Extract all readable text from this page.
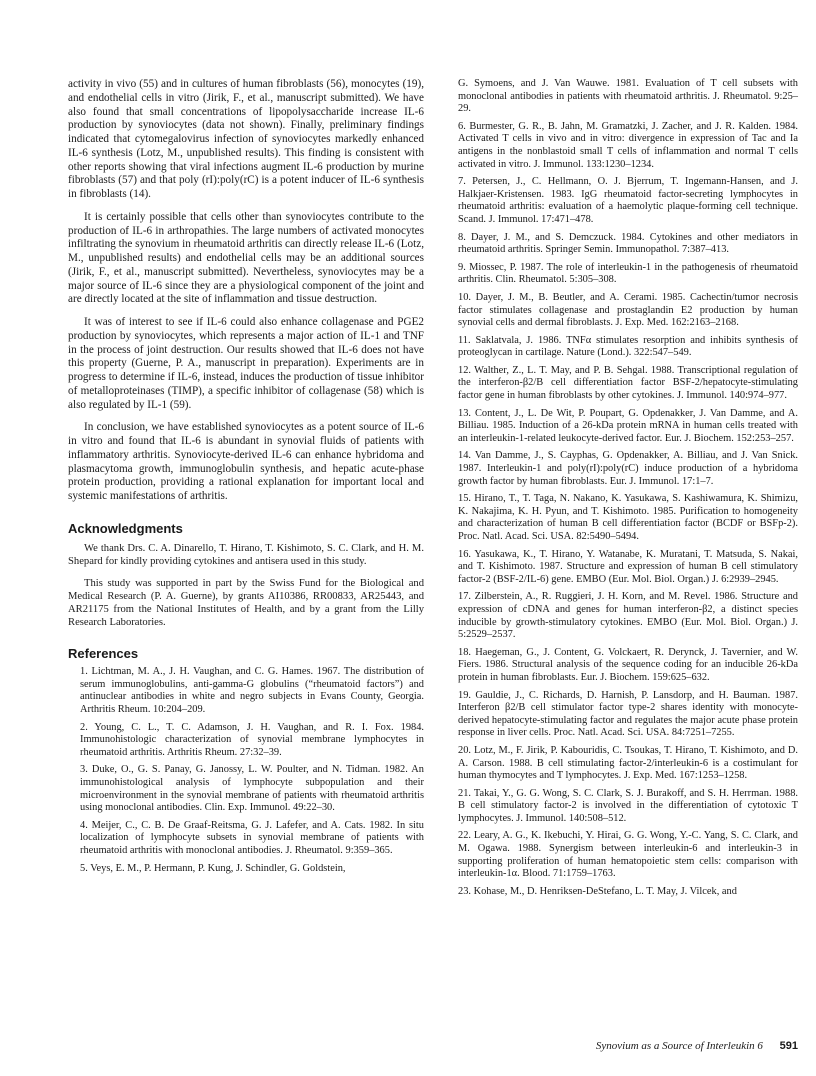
activity in vivo (55) and in cultures of human fibroblasts (56), monocytes (19), and endothelial cells in vitro (Jirik, F., et al., manuscript submitted). We have also found that small concentrations of lipopolysaccharide increase IL-6 production by synoviocytes (data not shown). Finally, preliminary findings indicated that cytomegalovirus infection of synoviocytes markedly enhanced IL-6 synthesis (Lotz, M., unpublished results). This finding is consistent with other reports showing that viral infections augment IL-6 production by murine fibroblasts (57) and that poly (rI):poly(rC) is a potent inducer of IL-6 synthesis in fibroblasts (14).

It is certainly possible that cells other than synoviocytes contribute to the production of IL-6 in arthropathies. The large numbers of activated monocytes infiltrating the synovium in rheumatoid arthritis can directly release IL-6 (Lotz, M., unpublished results) and endothelial cells may be an additional sources (Jirik, F., et al., manuscript submitted). Nevertheless, synoviocytes may be a major source of IL-6 since they are a physiological component of the joint and are directly located at the site of inflammation and tissue destruction.

It was of interest to see if IL-6 could also enhance collagenase and PGE2 production by synoviocytes, which represents a major action of IL-1 and TNF in the process of joint destruction. Our results showed that IL-6 does not have this property (Guerne, P. A., manuscript in preparation). Experiments are in progress to determine if IL-6, instead, induces the production of tissue inhibitor of metalloproteinases (TIMP), a specific inhibitor of collagenase (58) which is also regulated by IL-1 (59).

In conclusion, we have established synoviocytes as a potent source of IL-6 in vitro and found that IL-6 is abundant in synovial fluids of patients with inflammatory arthritis. Synoviocyte-derived IL-6 can enhance hybridoma and plasmacytoma growth, immunoglobulin synthesis, and hepatic acute-phase protein production, providing a rational explanation for important local and systemic manifestations of arthritis.

Acknowledgments

We thank Drs. C. A. Dinarello, T. Hirano, T. Kishimoto, S. C. Clark, and H. M. Shepard for kindly providing cytokines and antisera used in this study.

This study was supported in part by the Swiss Fund for the Biological and Medical Research (P. A. Guerne), by grants AI10386, RR00833, AR25443, and AR21175 from the National Institutes of Health, and by a grant from the Lilly Research Laboratories.

References

1. Lichtman, M. A., J. H. Vaughan, and C. G. Hames. 1967. The distribution of serum immunoglobulins, anti-gamma-G globulins (“rheumatoid factors”) and antinuclear antibodies in white and negro subjects in Evans County, Georgia. Arthritis Rheum. 10:204–209.

2. Young, C. L., T. C. Adamson, J. H. Vaughan, and R. I. Fox. 1984. Immunohistologic characterization of synovial membrane lymphocytes in rheumatoid arthritis. Arthritis Rheum. 27:32–39.

3. Duke, O., G. S. Panay, G. Janossy, L. W. Poulter, and N. Tidman. 1982. An immunohistological analysis of lymphocyte subpopulation and their microenvironment in the synovial membrane of patients with rheumatoid arthritis using monoclonal antibodies. Clin. Exp. Immunol. 49:22–30.

4. Meijer, C., C. B. De Graaf-Reitsma, G. J. Lafefer, and A. Cats. 1982. In situ localization of lymphocyte subsets in synovial membrane of patients with rheumatoid arthritis with monoclonal antibodies. J. Rheumatol. 9:359–365.

5. Veys, E. M., P. Hermann, P. Kung, J. Schindler, G. Goldstein,

G. Symoens, and J. Van Wauwe. 1981. Evaluation of T cell subsets with monoclonal antibodies in patients with rheumatoid arthritis. J. Rheumatol. 9:25–29.

6. Burmester, G. R., B. Jahn, M. Gramatzki, J. Zacher, and J. R. Kalden. 1984. Activated T cells in vivo and in vitro: divergence in expression of Tac and Ia antigens in the nonblastoid small T cells of inflammation and normal T cells activated in vitro. J. Immunol. 133:1230–1234.

7. Petersen, J., C. Hellmann, O. J. Bjerrum, T. Ingemann-Hansen, and J. Halkjaer-Kristensen. 1983. IgG rheumatoid factor-secreting lymphocytes in rheumatoid arthritis: evaluation of a haemolytic plaque-forming cell technique. Scand. J. Immunol. 17:471–478.

8. Dayer, J. M., and S. Demczuck. 1984. Cytokines and other mediators in rheumatoid arthritis. Springer Semin. Immunopathol. 7:387–413.

9. Miossec, P. 1987. The role of interleukin-1 in the pathogenesis of rheumatoid arthritis. Clin. Rheumatol. 5:305–308.

10. Dayer, J. M., B. Beutler, and A. Cerami. 1985. Cachectin/tumor necrosis factor stimulates collagenase and prostaglandin E2 production by human synovial cells and dermal fibroblasts. J. Exp. Med. 162:2163–2168.

11. Saklatvala, J. 1986. TNFα stimulates resorption and inhibits synthesis of proteoglycan in cartilage. Nature (Lond.). 322:547–549.

12. Walther, Z., L. T. May, and P. B. Sehgal. 1988. Transcriptional regulation of the interferon-β2/B cell differentiation factor BSF-2/hepatocyte-stimulating factor gene in human fibroblasts by other cytokines. J. Immunol. 140:974–977.

13. Content, J., L. De Wit, P. Poupart, G. Opdenakker, J. Van Damme, and A. Billiau. 1985. Induction of a 26-kDa protein mRNA in human cells treated with an interleukin-1-related leukocyte-derived factor. Eur. J. Biochem. 152:253–257.

14. Van Damme, J., S. Cayphas, G. Opdenakker, A. Billiau, and J. Van Snick. 1987. Interleukin-1 and poly(rI):poly(rC) induce production of a hybridoma growth factor by human fibroblasts. Eur. J. Immunol. 17:1–7.

15. Hirano, T., T. Taga, N. Nakano, K. Yasukawa, S. Kashiwamura, K. Shimizu, K. Nakajima, K. H. Pyun, and T. Kishimoto. 1985. Purification to homogeneity and characterization of human B cell differentiation factor (BCDF or BSFp-2). Proc. Natl. Acad. Sci. USA. 82:5490–5494.

16. Yasukawa, K., T. Hirano, Y. Watanabe, K. Muratani, T. Matsuda, S. Nakai, and T. Kishimoto. 1987. Structure and expression of human B cell stimulatory factor-2 (BSF-2/IL-6) gene. EMBO (Eur. Mol. Biol. Organ.) J. 6:2939–2945.

17. Zilberstein, A., R. Ruggieri, J. H. Korn, and M. Revel. 1986. Structure and expression of cDNA and genes for human interferon-β2, a distinct species inducible by growth-stimulatory cytokines. EMBO (Eur. Mol. Biol. Organ.) J. 5:2529–2537.

18. Haegeman, G., J. Content, G. Volckaert, R. Derynck, J. Tavernier, and W. Fiers. 1986. Structural analysis of the sequence coding for an inducible 26-kDa protein in human fibroblasts. Eur. J. Biochem. 159:625–632.

19. Gauldie, J., C. Richards, D. Harnish, P. Lansdorp, and H. Bauman. 1987. Interferon β2/B cell stimulator factor type-2 shares identity with monocyte-derived hepatocyte-stimulating factor and regulates the major acute phase protein response in liver cells. Proc. Natl. Acad. Sci. USA. 84:7251–7255.

20. Lotz, M., F. Jirik, P. Kabouridis, C. Tsoukas, T. Hirano, T. Kishimoto, and D. A. Carson. 1988. B cell stimulating factor-2/interleukin-6 is a costimulant for human thymocytes and T lymphocytes. J. Exp. Med. 167:1253–1258.

21. Takai, Y., G. G. Wong, S. C. Clark, S. J. Burakoff, and S. H. Herrman. 1988. B cell stimulatory factor-2 is involved in the differentiation of cytotoxic T lymphocytes. J. Immunol. 140:508–512.

22. Leary, A. G., K. Ikebuchi, Y. Hirai, G. G. Wong, Y.-C. Yang, S. C. Clark, and M. Ogawa. 1988. Synergism between interleukin-6 and interleukin-3 in supporting proliferation of human hematopoietic stem cells: comparison with interleukin-1α. Blood. 71:1759–1763.

23. Kohase, M., D. Henriksen-DeStefano, L. T. May, J. Vilcek, and

Synovium as a Source of Interleukin 6 591
